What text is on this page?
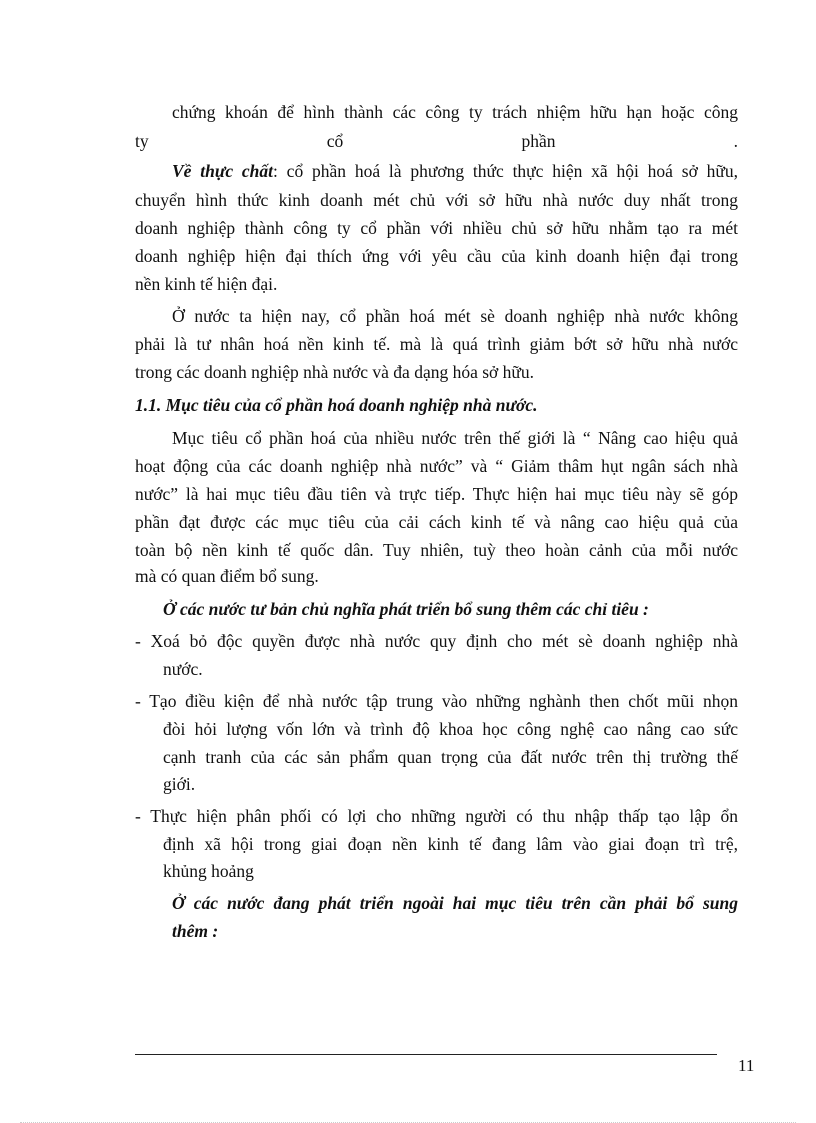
chứng khoán để hình thành các công ty trách nhiệm hữu hạn hoặc công
ty cổ phần .
Về thực chất: cổ phần hoá là phương thức thực hiện xã hội hoá sở hữu,
chuyển hình thức kinh doanh mét chủ với sở hữu nhà nước duy nhất trong
doanh nghiệp thành công ty cổ phần với nhiều chủ sở hữu nhằm tạo ra mét
doanh nghiệp hiện đại thích ứng với yêu cầu của kinh doanh hiện đại trong
nền kinh tế hiện đại.
Ở nước ta hiện nay, cổ phần hoá mét sè doanh nghiệp nhà nước không
phải là tư nhân hoá nền kinh tế. mà là quá trình giảm bớt sở hữu nhà nước
trong các doanh nghiệp nhà nước và đa dạng hóa sở hữu.
1.1. Mục tiêu của cổ phần hoá doanh nghiệp nhà nước.
Mục tiêu cổ phần hoá của nhiều nước trên thế giới là “ Nâng cao hiệu quả
hoạt động của các doanh nghiệp nhà nước” và “ Giảm thâm hụt ngân sách nhà
nước” là hai mục tiêu đầu tiên và trực tiếp. Thực hiện hai mục tiêu này sẽ góp
phần đạt được các mục tiêu của cải cách kinh tế và nâng cao hiệu quả của
toàn bộ nền kinh tế quốc dân. Tuy nhiên, tuỳ theo hoàn cảnh của mỗi nước
mà có quan điểm bổ sung.
Ở các nước tư bản chủ nghĩa phát triển bổ sung thêm các chỉ tiêu :
- Xoá bỏ độc quyền được nhà nước quy định cho mét sè doanh nghiệp nhà
nước.
- Tạo điều kiện để nhà nước tập trung vào những nghành then chốt mũi nhọn
đòi hỏi lượng vốn lớn và trình độ khoa học công nghệ cao nâng cao sức
cạnh tranh của các sản phẩm quan trọng của đất nước trên thị trường thế
giới.
- Thực hiện phân phối có lợi cho những người có thu nhập thấp tạo lập ổn
định xã hội trong giai đoạn nền kinh tế đang lâm vào giai đoạn trì trệ,
khủng hoảng
Ở các nước đang phát triển ngoài hai mục tiêu trên cần phải bổ sung
thêm :
11
